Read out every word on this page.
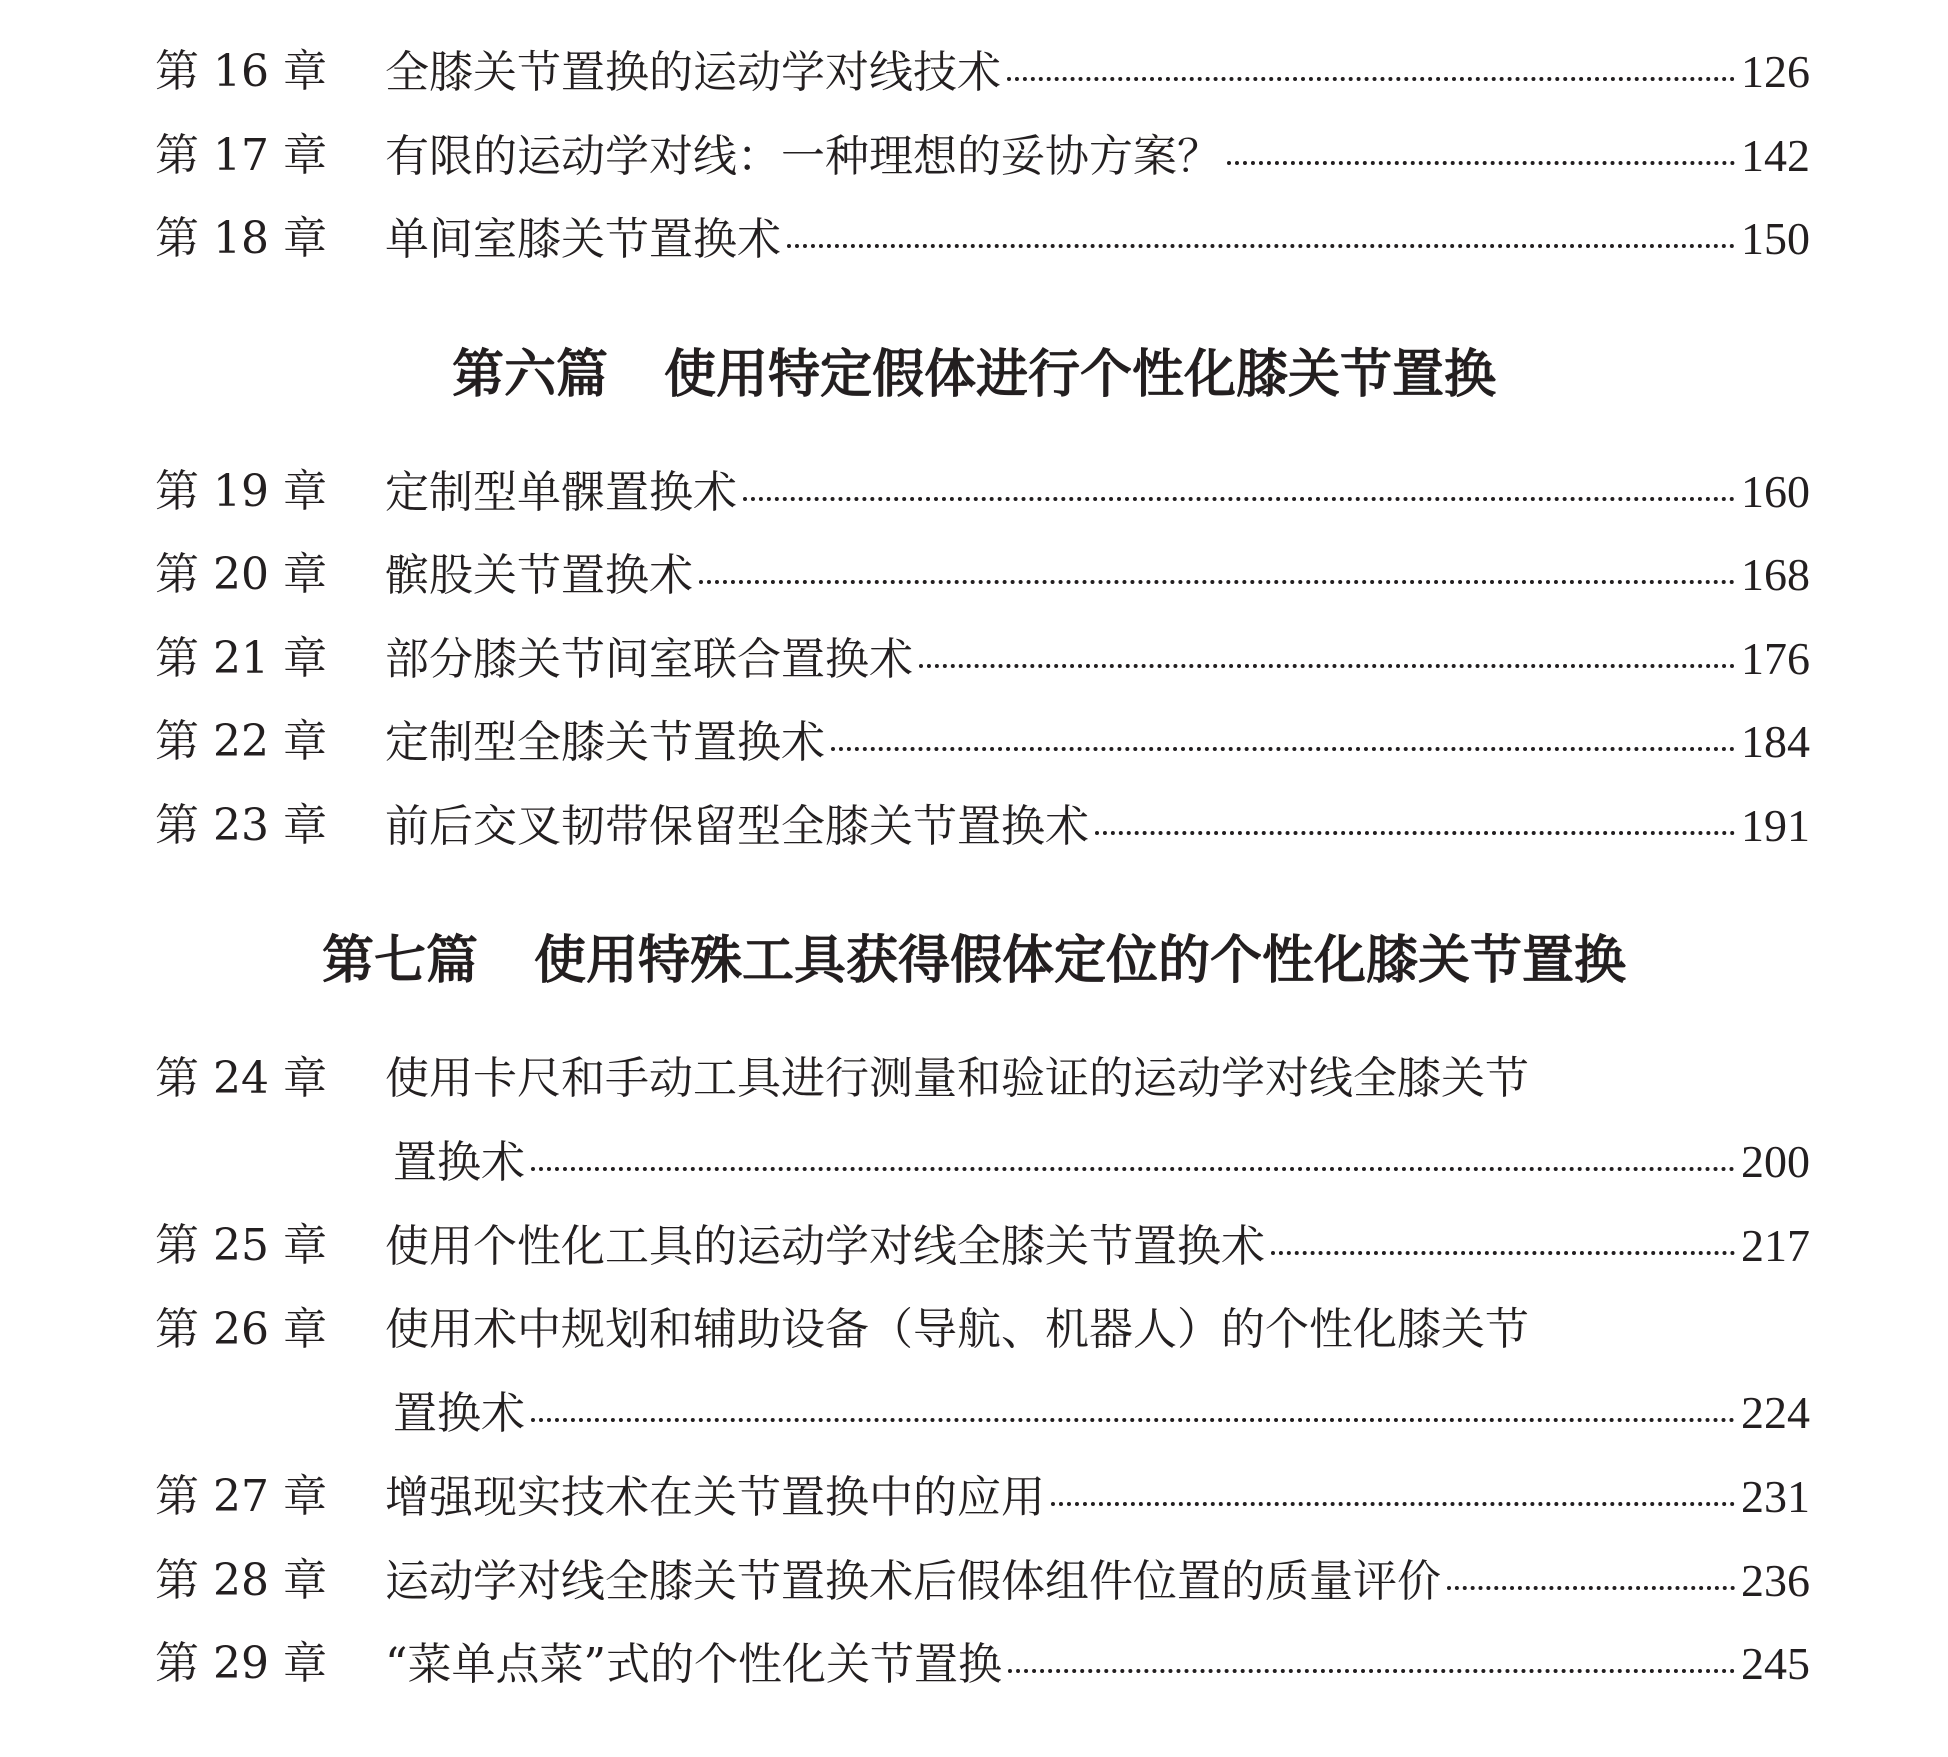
第 16 章 全膝关节置换的运动学对线技术	126
第 17 章 有限的运动学对线：一种理想的妥协方案？	142
第 18 章 单间室膝关节置换术	150
第六篇 使用特定假体进行个性化膝关节置换
第 19 章 定制型单髁置换术	160
第 20 章 髌股关节置换术	168
第 21 章 部分膝关节间室联合置换术	176
第 22 章 定制型全膝关节置换术	184
第 23 章 前后交叉韧带保留型全膝关节置换术	191
第七篇 使用特殊工具获得假体定位的个性化膝关节置换
第 24 章 使用卡尺和手动工具进行测量和验证的运动学对线全膝关节
置换术	200
第 25 章 使用个性化工具的运动学对线全膝关节置换术	217
第 26 章 使用术中规划和辅助设备（导航、机器人）的个性化膝关节
置换术	224
第 27 章 增强现实技术在关节置换中的应用	231
第 28 章 运动学对线全膝关节置换术后假体组件位置的质量评价	236
第 29 章 “菜单点菜”式的个性化关节置换	245
